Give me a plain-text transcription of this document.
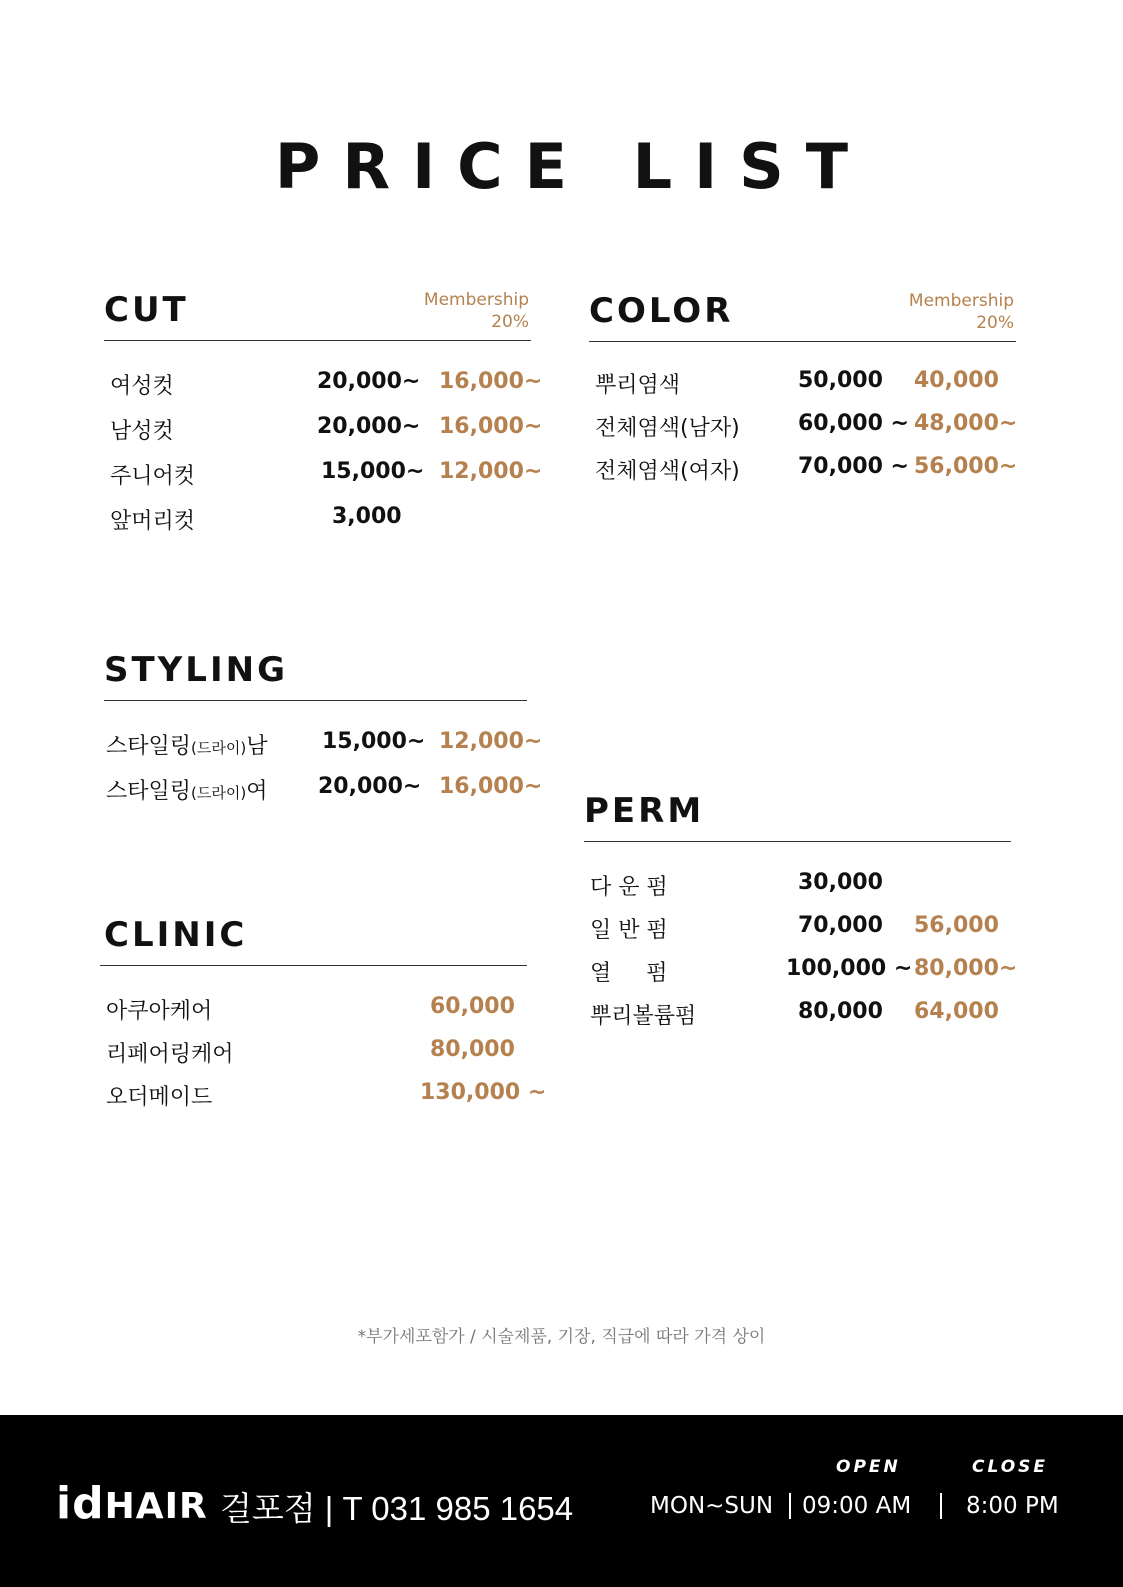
PRICE LIST
CUT	Membership
20%
여성컷	20,000~ 16,000~
남성컷	20,000~ 16,000~
주니어컷	15,000~ 12,000~
앞머리컷	3,000
COLOR	Membership
20%
뿌리염색	50,000 40,000
전체염색(남자)	60,000 ~ 48,000~
전체염색(여자)	70,000 ~ 56,000~
STYLING
스타일링(드라이)남 15,000~ 12,000~
스타일링(드라이)여 20,000~ 16,000~
PERM
다 운 펌	30,000
일 반 펌	70,000 56,000
열     펌	100,000 ~ 80,000~
뿌리볼륨펌	80,000 64,000
CLINIC
아쿠아케어	60,000
리페어링케어	80,000
오더메이드	130,000 ~
*부가세포함가 / 시술제품, 기장, 직급에 따라 가격 상이
idHAIR 걸포점 | T 031 985 1654
OPEN	CLOSE
MON~SUN 09:00 AM 8:00 PM
